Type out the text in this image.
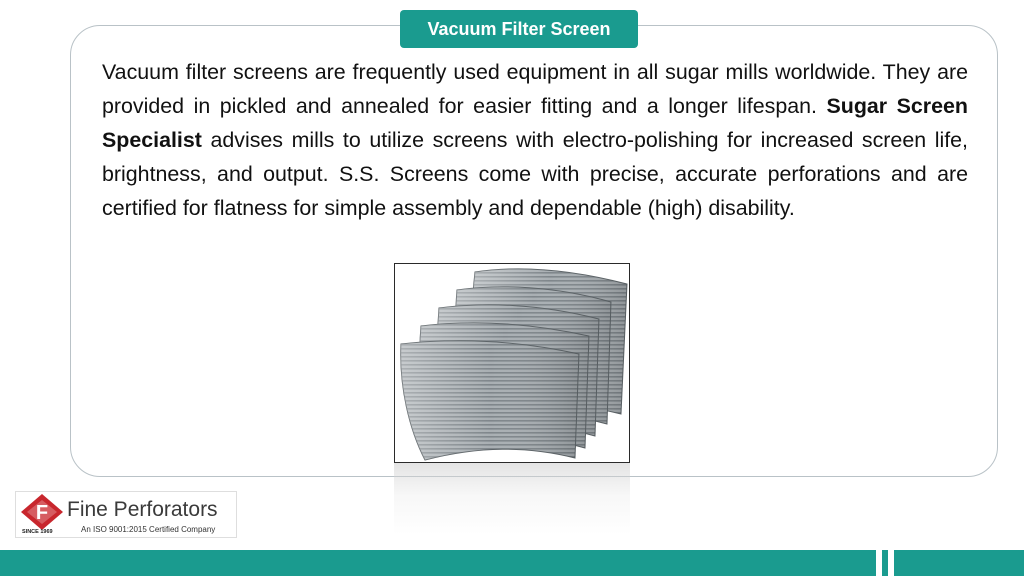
Vacuum Filter Screen

Vacuum filter screens are frequently used equipment in all sugar mills worldwide. They are provided in pickled and annealed for easier fitting and a longer lifespan. Sugar Screen Specialist advises mills to utilize screens with electro-polishing for increased screen life, brightness, and output. S.S. Screens come with precise, accurate perforations and are certified for flatness for simple assembly and dependable (high) disability.

F
SINCE 1969
Fine Perforators
An ISO 9001:2015 Certified Company
